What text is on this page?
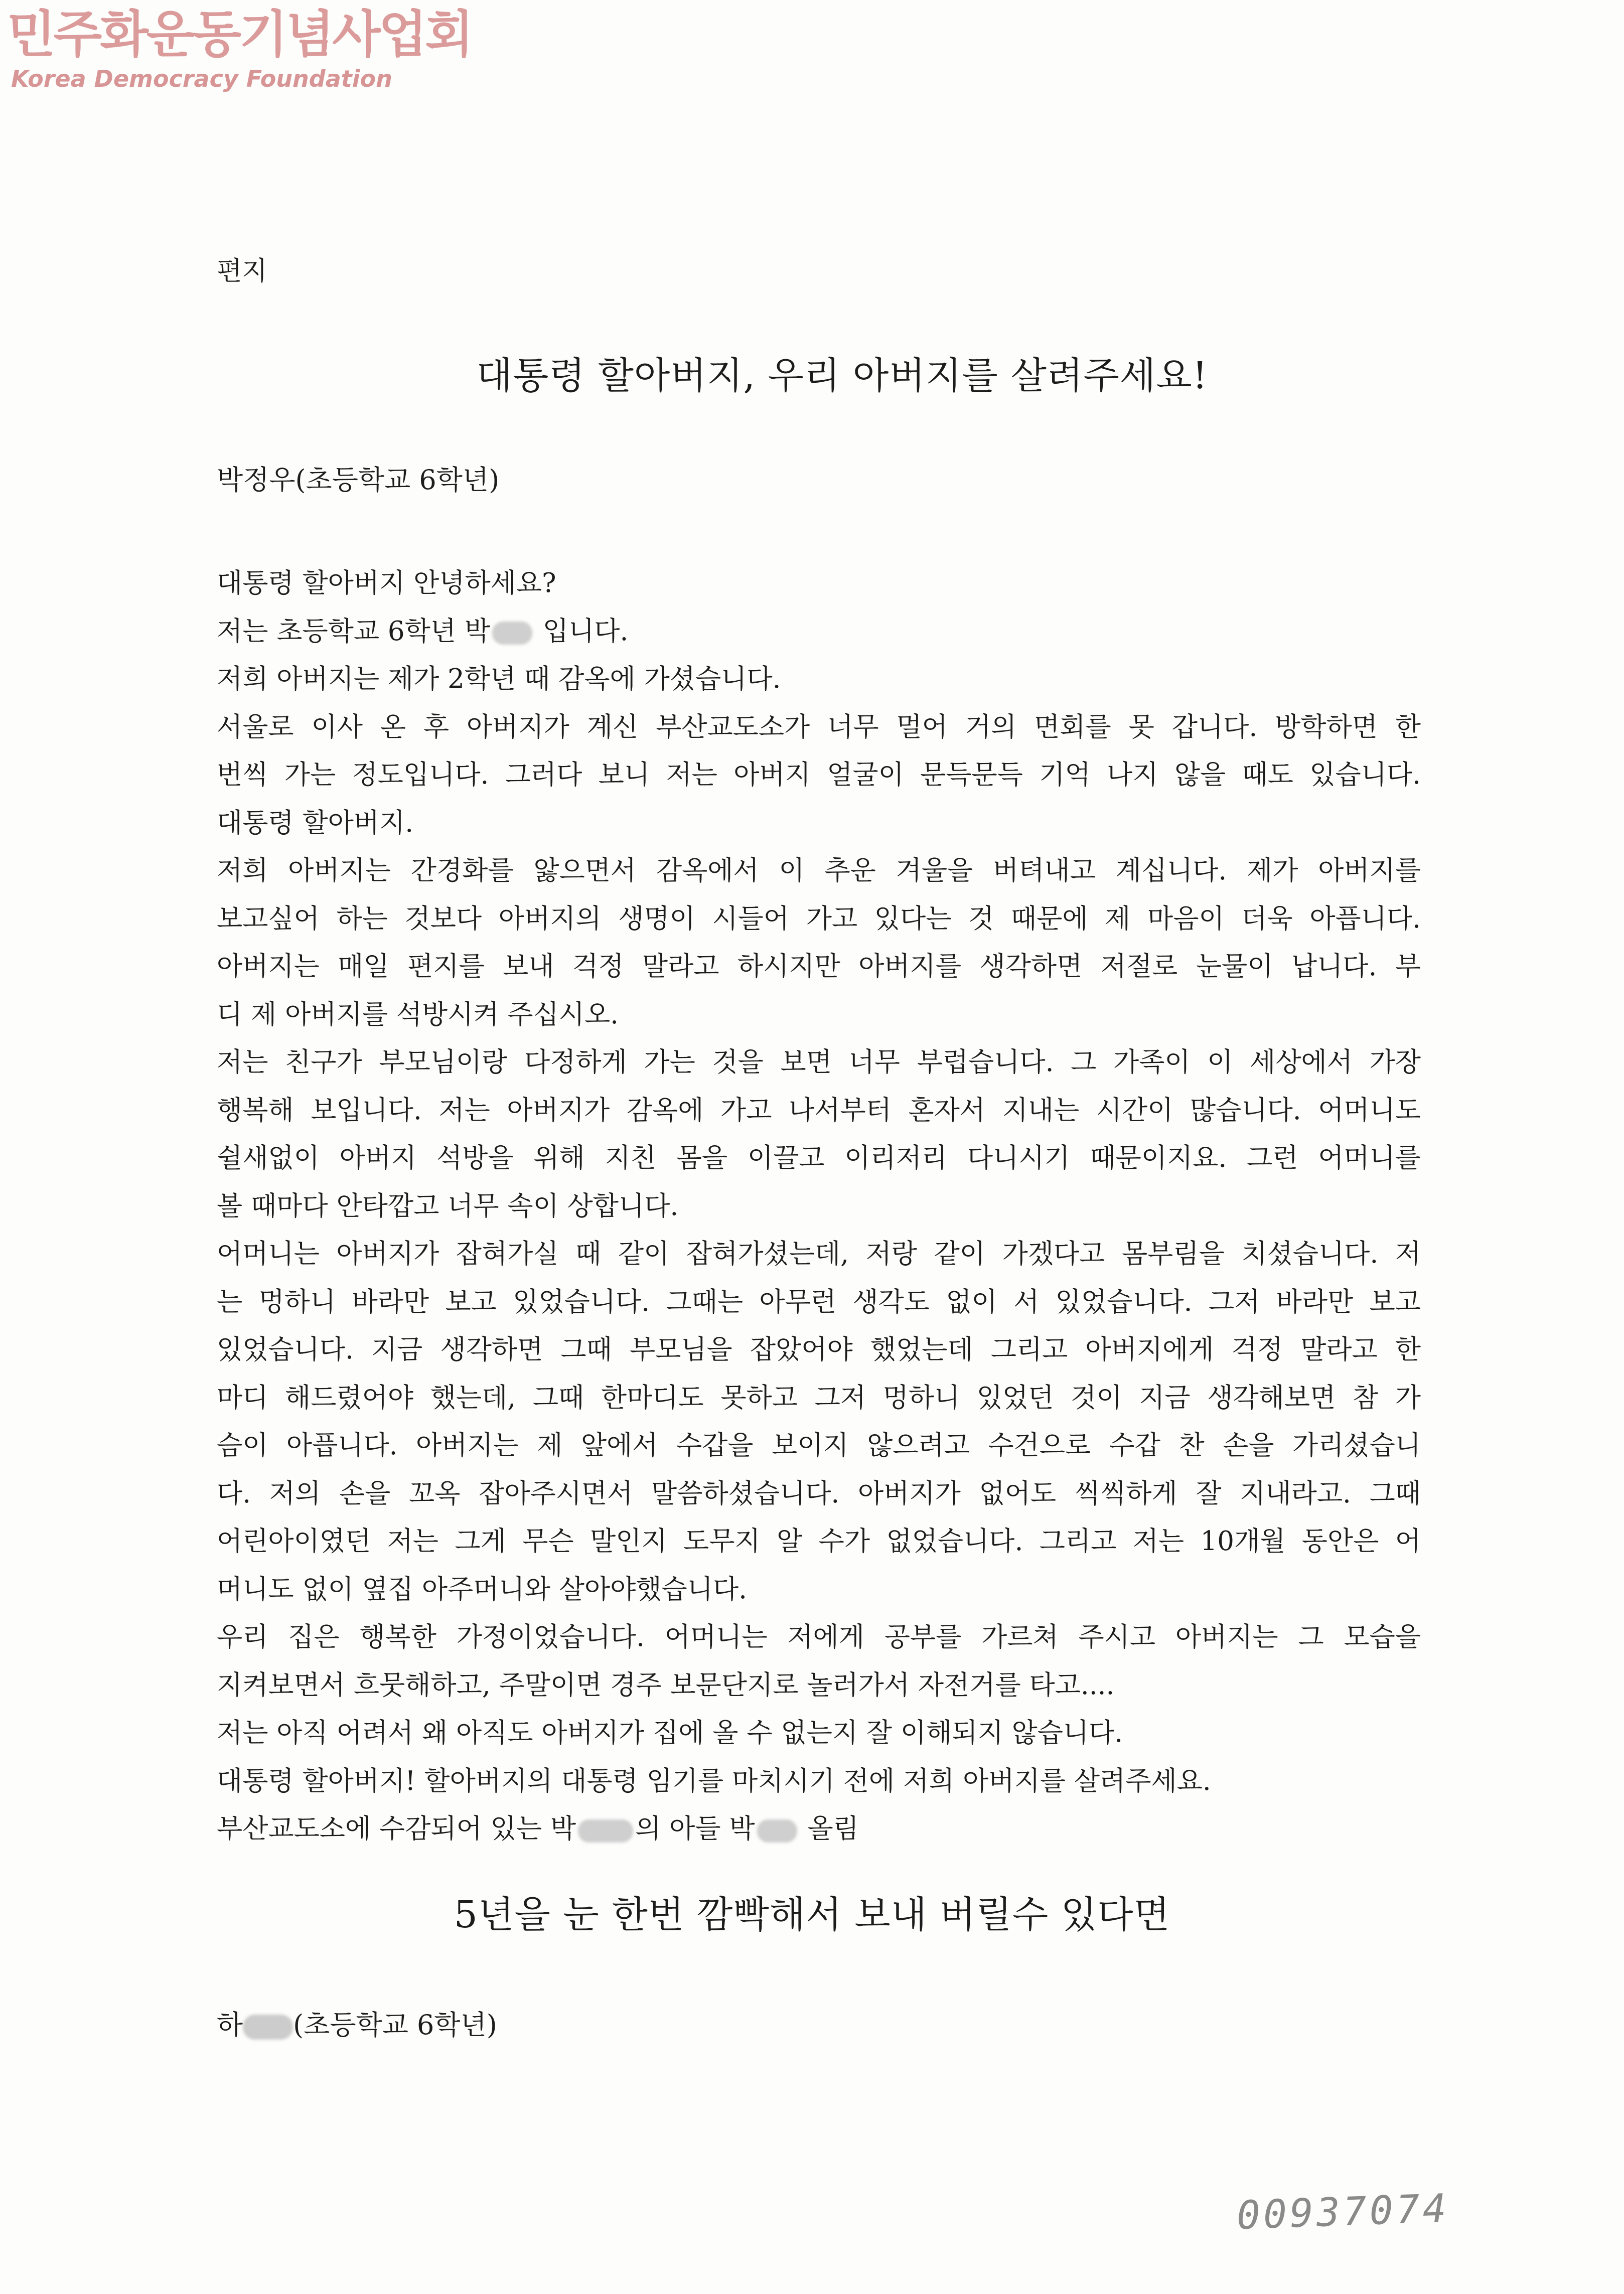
민주화운동기념사업회
Korea Democracy Foundation
편지
대통령 할아버지, 우리 아버지를 살려주세요!
박정우(초등학교 6학년)
대통령 할아버지 안녕하세요?
저는 초등학교 6학년 박 입니다.
저희 아버지는 제가 2학년 때 감옥에 가셨습니다.
서울로 이사 온 후 아버지가 계신 부산교도소가 너무 멀어 거의 면회를 못 갑니다. 방학하면 한
번씩 가는 정도입니다. 그러다 보니 저는 아버지 얼굴이 문득문득 기억 나지 않을 때도 있습니다.
대통령 할아버지.
저희 아버지는 간경화를 앓으면서 감옥에서 이 추운 겨울을 버텨내고 계십니다. 제가 아버지를
보고싶어 하는 것보다 아버지의 생명이 시들어 가고 있다는 것 때문에 제 마음이 더욱 아픕니다.
아버지는 매일 편지를 보내 걱정 말라고 하시지만 아버지를 생각하면 저절로 눈물이 납니다. 부
디 제 아버지를 석방시켜 주십시오.
저는 친구가 부모님이랑 다정하게 가는 것을 보면 너무 부럽습니다. 그 가족이 이 세상에서 가장
행복해 보입니다. 저는 아버지가 감옥에 가고 나서부터 혼자서 지내는 시간이 많습니다. 어머니도
쉴새없이 아버지 석방을 위해 지친 몸을 이끌고 이리저리 다니시기 때문이지요. 그런 어머니를
볼 때마다 안타깝고 너무 속이 상합니다.
어머니는 아버지가 잡혀가실 때 같이 잡혀가셨는데, 저랑 같이 가겠다고 몸부림을 치셨습니다. 저
는 멍하니 바라만 보고 있었습니다. 그때는 아무런 생각도 없이 서 있었습니다. 그저 바라만 보고
있었습니다. 지금 생각하면 그때 부모님을 잡았어야 했었는데 그리고 아버지에게 걱정 말라고 한
마디 해드렸어야 했는데, 그때 한마디도 못하고 그저 멍하니 있었던 것이 지금 생각해보면 참 가
슴이 아픕니다. 아버지는 제 앞에서 수갑을 보이지 않으려고 수건으로 수갑 찬 손을 가리셨습니
다. 저의 손을 꼬옥 잡아주시면서 말씀하셨습니다. 아버지가 없어도 씩씩하게 잘 지내라고. 그때
어린아이였던 저는 그게 무슨 말인지 도무지 알 수가 없었습니다. 그리고 저는 10개월 동안은 어
머니도 없이 옆집 아주머니와 살아야했습니다.
우리 집은 행복한 가정이었습니다. 어머니는 저에게 공부를 가르쳐 주시고 아버지는 그 모습을
지켜보면서 흐뭇해하고, 주말이면 경주 보문단지로 놀러가서 자전거를 타고....
저는 아직 어려서 왜 아직도 아버지가 집에 올 수 없는지 잘 이해되지 않습니다.
대통령 할아버지! 할아버지의 대통령 임기를 마치시기 전에 저희 아버지를 살려주세요.
부산교도소에 수감되어 있는 박 의 아들 박 올림
5년을 눈 한번 깜빡해서 보내 버릴수 있다면
하 (초등학교 6학년)
00937074
